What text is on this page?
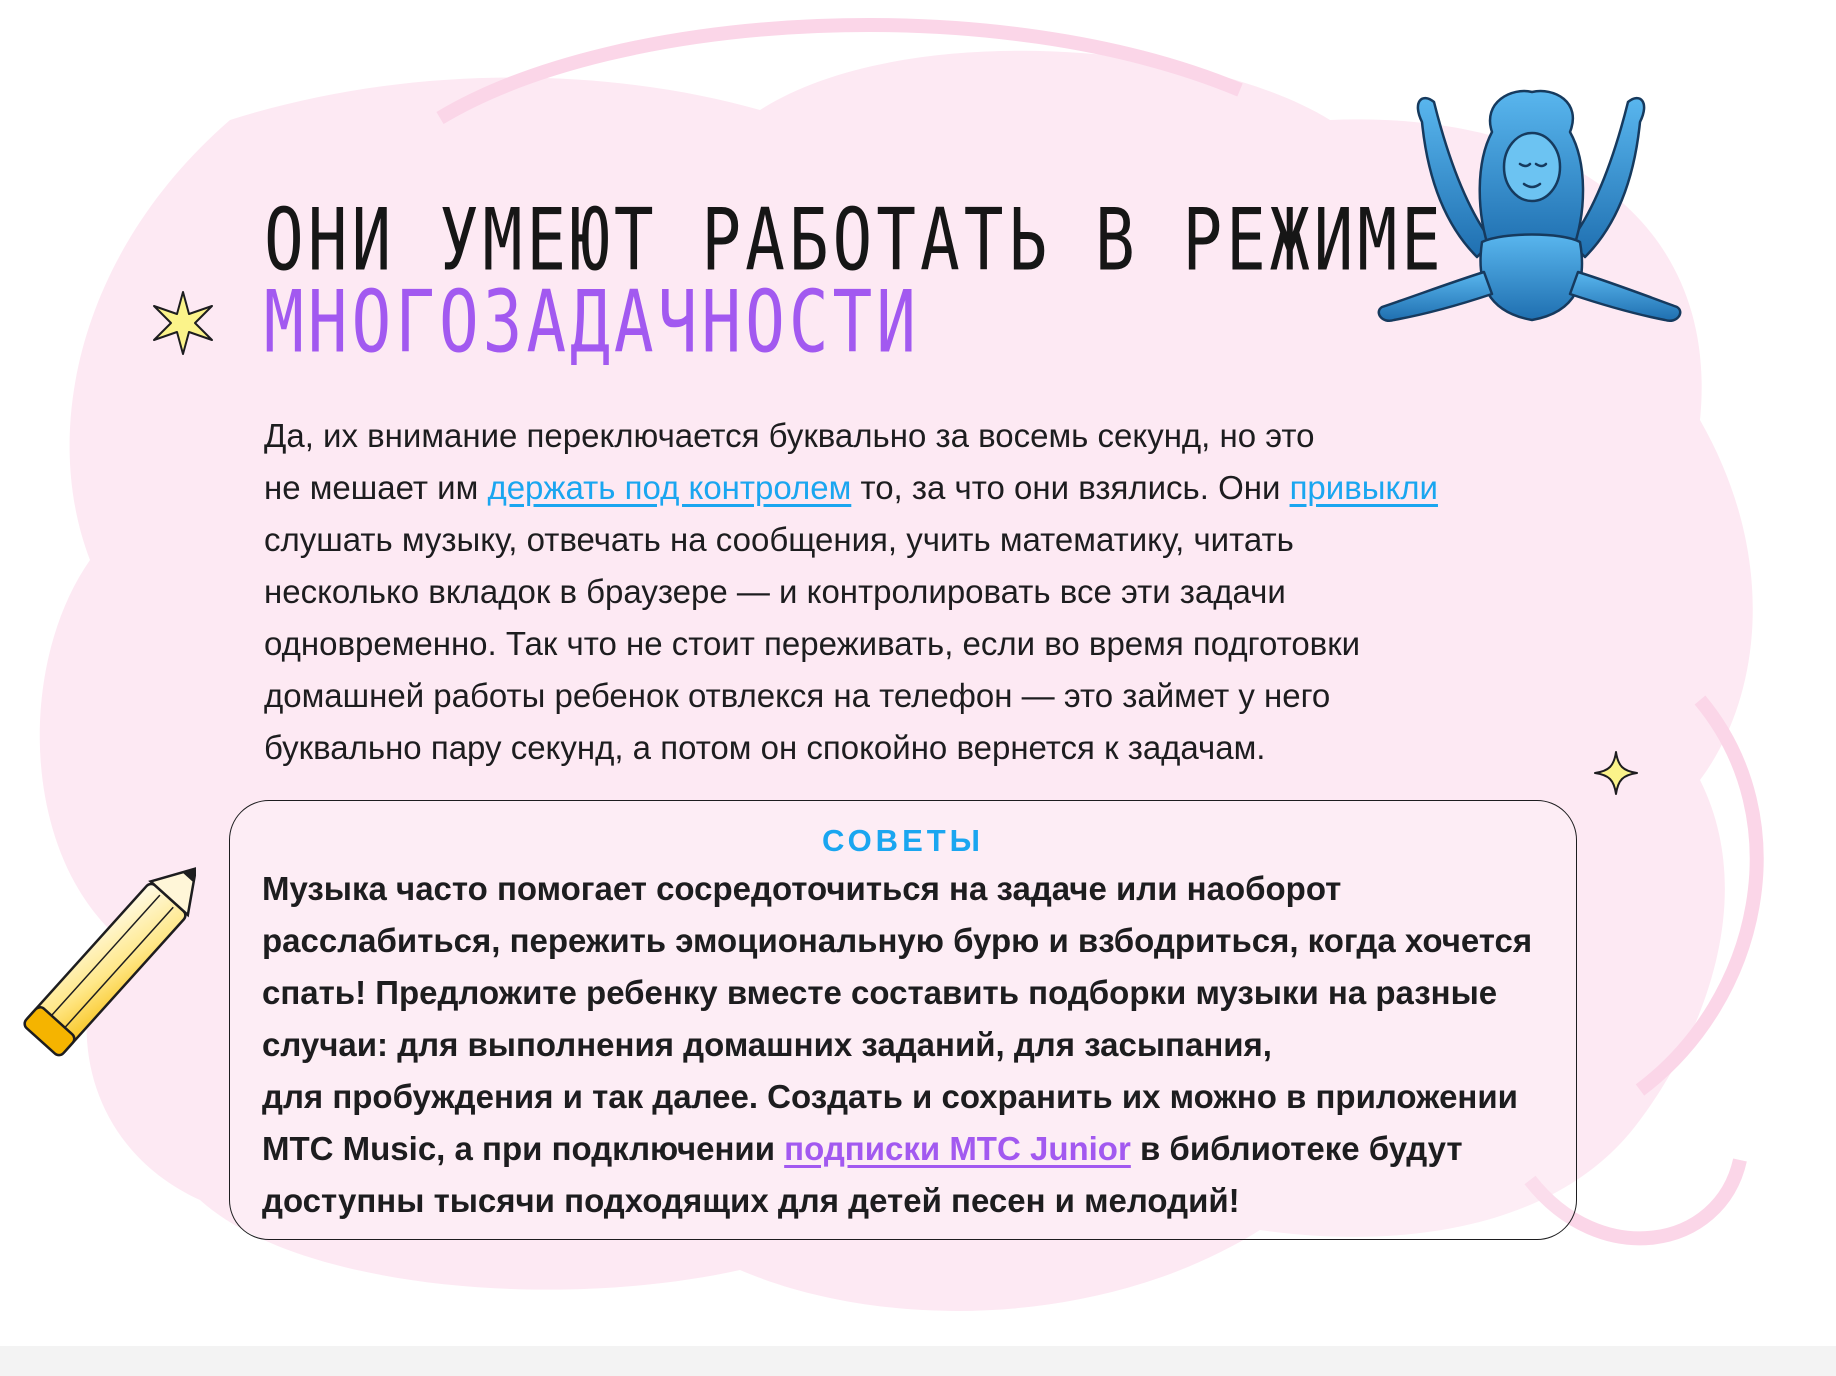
ОНИ УМЕЮТ РАБОТАТЬ В РЕЖИМЕ
МНОГОЗАДАЧНОСТИ

Да, их внимание переключается буквально за восемь секунд, но это
не мешает им держать под контролем то, за что они взялись. Они привыкли
слушать музыку, отвечать на сообщения, учить математику, читать
несколько вкладок в браузере — и контролировать все эти задачи
одновременно. Так что не стоит переживать, если во время подготовки
домашней работы ребенок отвлекся на телефон — это займет у него
буквально пару секунд, а потом он спокойно вернется к задачам.

СОВЕТЫ

Музыка часто помогает сосредоточиться на задаче или наоборот
расслабиться, пережить эмоциональную бурю и взбодриться, когда хочется
спать! Предложите ребенку вместе составить подборки музыки на разные
случаи: для выполнения домашних заданий, для засыпания,
для пробуждения и так далее. Создать и сохранить их можно в приложении
МТС Music, а при подключении подписки МТС Junior в библиотеке будут
доступны тысячи подходящих для детей песен и мелодий!
